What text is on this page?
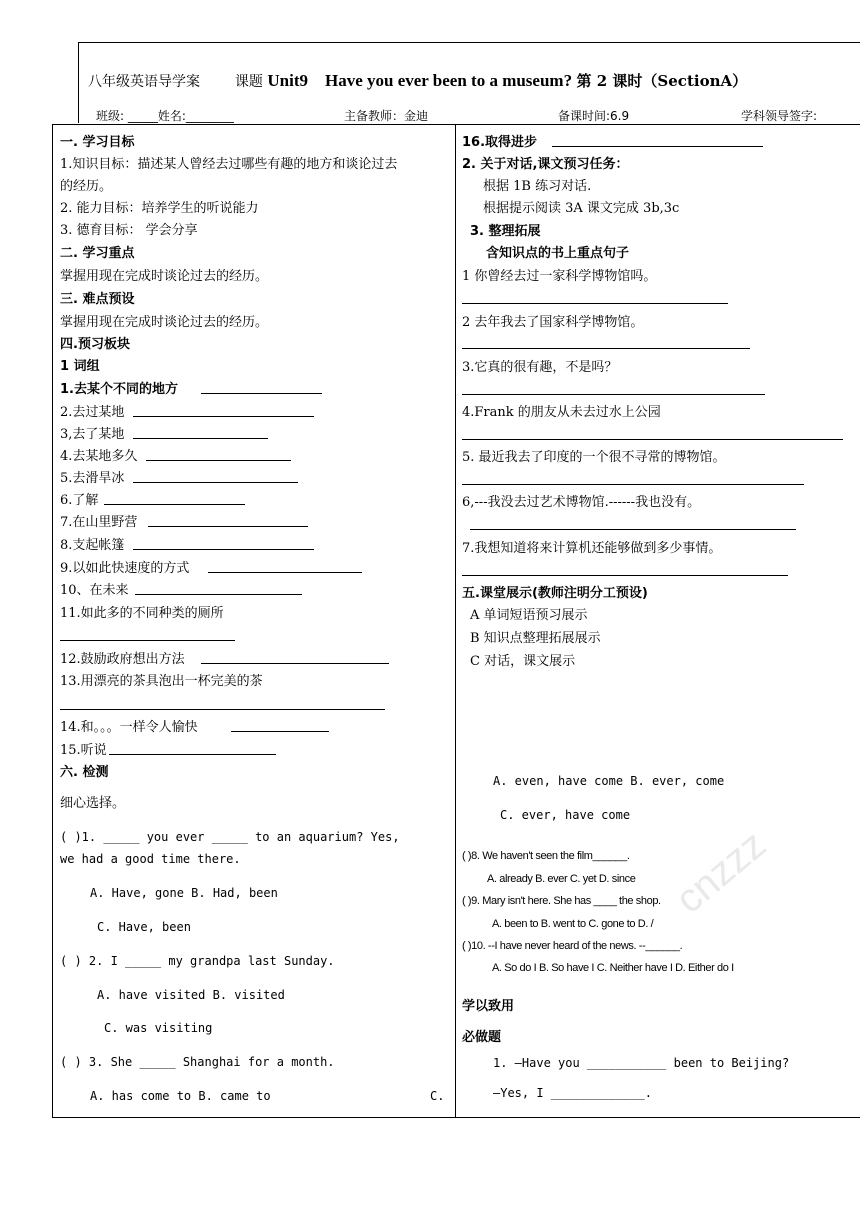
八年级英语导学案 课题 Unit9　Have you ever been to a museum? 第 2 课时（SectionA）
班级: _____姓名:________	主备教师：金迪	备课时间:6.9	学科领导签字:
一. 学习目标
1.知识目标：描述某人曾经去过哪些有趣的地方和谈论过去
的经历。
2. 能力目标：培养学生的听说能力
3. 德育目标： 学会分享
二. 学习重点
掌握用现在完成时谈论过去的经历。
三. 难点预设
掌握用现在完成时谈论过去的经历。
四.预习板块
1 词组
1.去某个不同的地方
2.去过某地
3,去了某地
4.去某地多久
5.去滑旱冰
6.了解
7.在山里野营
8.支起帐篷
9.以如此快速度的方式
10、在未来
11.如此多的不同种类的厕所
12.鼓励政府想出方法
13.用漂亮的茶具泡出一杯完美的茶
14.和。。。一样令人愉快
15.听说
六. 检测
细心选择。
( )1. _____ you ever _____ to an aquarium? Yes,
we had a good time there.
A. Have, gone B. Had, been
C. Have, been
( ) 2. I _____ my grandpa last Sunday.
A. have visited B. visited
C. was visiting
( ) 3. She _____ Shanghai for a month.
A. has come to B. came to	C.
16.取得进步
2. 关于对话,课文预习任务：
根据 1B 练习对话.
根据提示阅读 3A 课文完成 3b,3c
3. 整理拓展
含知识点的书上重点句子
1 你曾经去过一家科学博物馆吗。
2 去年我去了国家科学博物馆。
3.它真的很有趣，不是吗？
4.Frank 的朋友从未去过水上公园
5. 最近我去了印度的一个很不寻常的博物馆。
6,---我没去过艺术博物馆.------我也没有。
7.我想知道将来计算机还能够做到多少事情。
五.课堂展示(教师注明分工预设)
A 单词短语预习展示
B 知识点整理拓展展示
C 对话，课文展示
A. even, have come B. ever, come
C. ever, have come
( )8. We haven't seen the film______.
A. already B. ever C. yet D. since
( )9. Mary isn't here. She has ____ the shop.
A. been to B. went to C. gone to D. /
( )10. --I have never heard of the news. --______.
A. So do I B. So have I C. Neither have I D. Either do I
学以致用
必做题
1. —Have you ___________ been to Beijing?
—Yes, I _____________.
cnzzz
